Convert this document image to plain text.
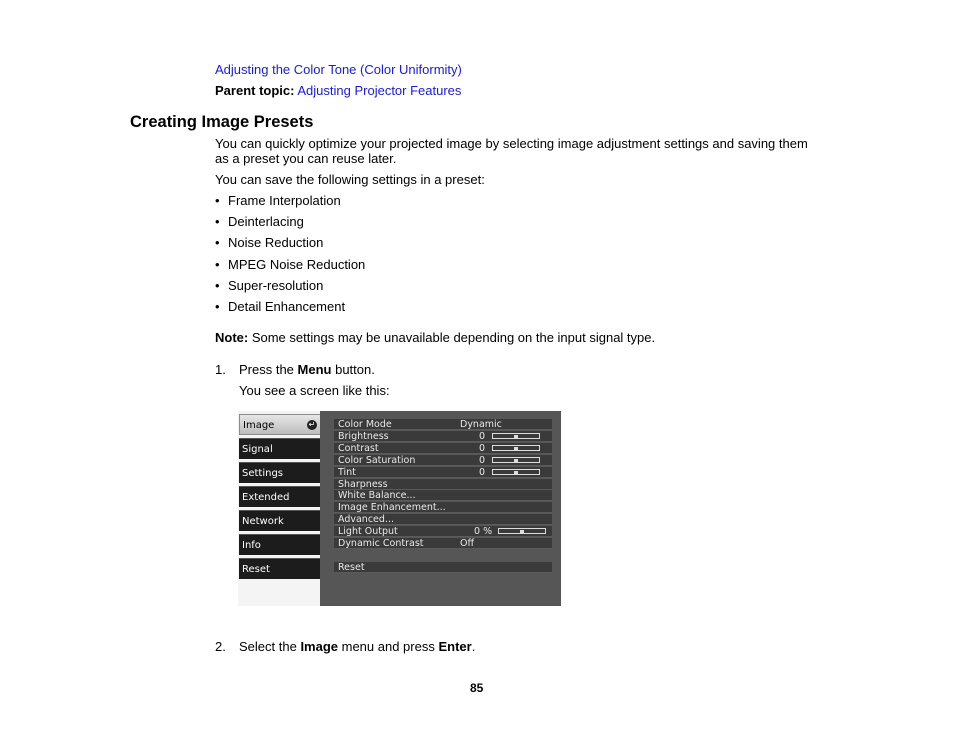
Adjusting the Color Tone (Color Uniformity)
Parent topic: Adjusting Projector Features
Creating Image Presets
You can quickly optimize your projected image by selecting image adjustment settings and saving them
as a preset you can reuse later.
You can save the following settings in a preset:
• Frame Interpolation
• Deinterlacing
• Noise Reduction
• MPEG Noise Reduction
• Super-resolution
• Detail Enhancement
Note: Some settings may be unavailable depending on the input signal type.
1. Press the Menu button.
You see a screen like this:
Image	↵
Signal
Settings
Extended
Network
Info
Reset
Color Mode	Dynamic
Brightness	0
Contrast	0
Color Saturation	0
Tint	0
Sharpness
White Balance...
Image Enhancement...
Advanced...
Light Output	0 %
Dynamic Contrast	Off
Reset
2. Select the Image menu and press Enter.
85
